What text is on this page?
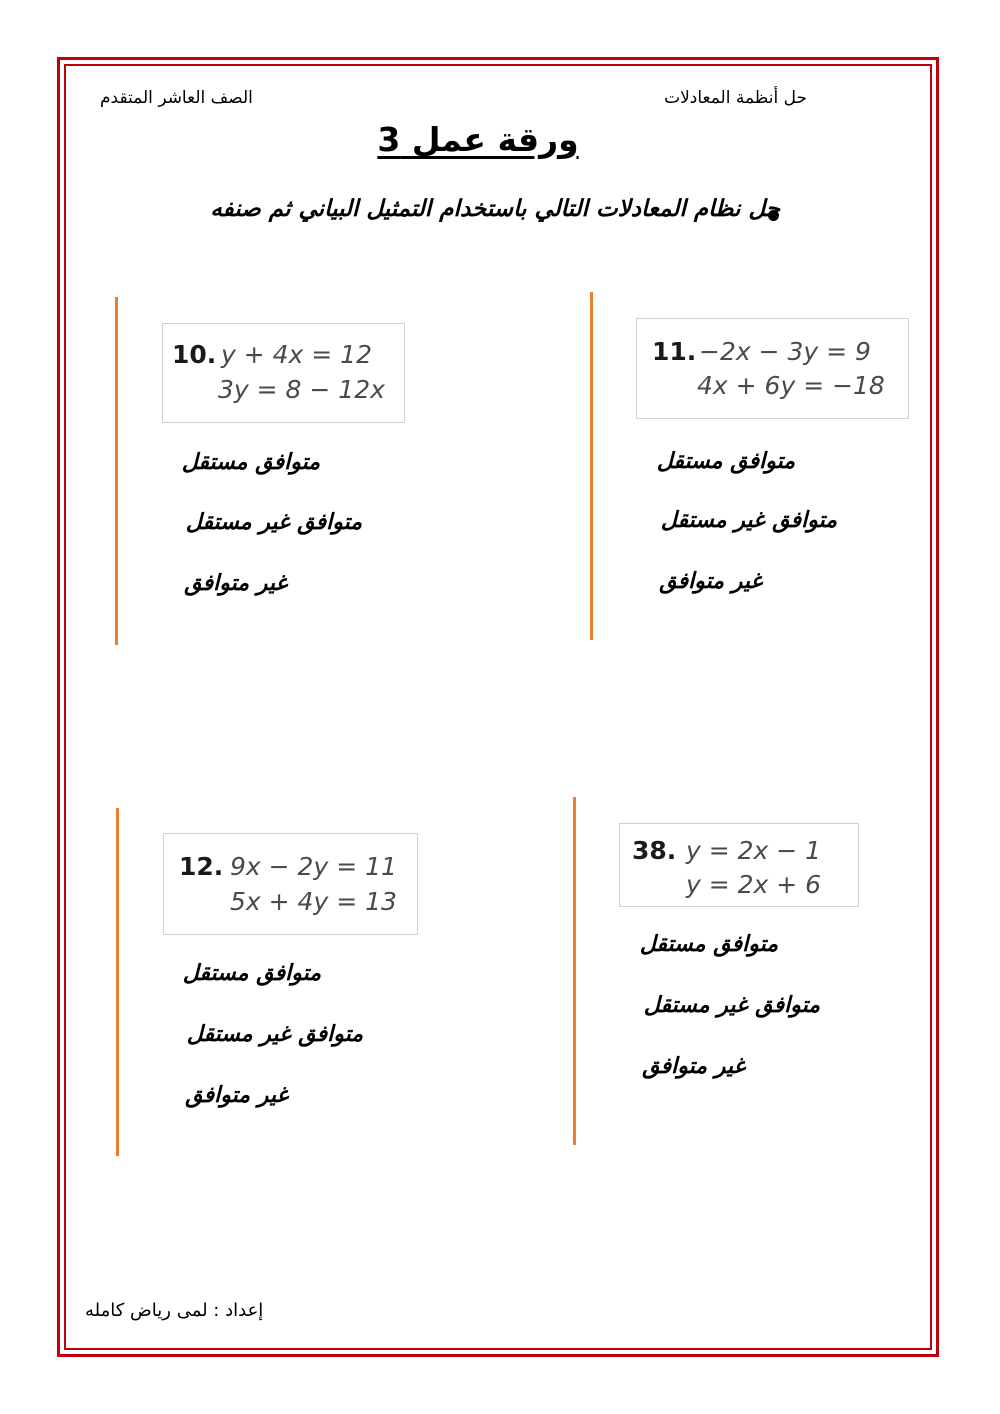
حل أنظمة المعادلات
الصف العاشر المتقدم
ورقة عمل 3
حل نظام المعادلات التالي باستخدام التمثيل البياني ثم صنفه
10. y + 4x = 12
3y = 8 − 12x
متوافق مستقل
متوافق غير مستقل
غير متوافق
11. −2x − 3y = 9
4x + 6y = −18
متوافق مستقل
متوافق غير مستقل
غير متوافق
12. 9x − 2y = 11
5x + 4y = 13
متوافق مستقل
متوافق غير مستقل
غير متوافق
38. y = 2x − 1
y = 2x + 6
متوافق مستقل
متوافق غير مستقل
غير متوافق
إعداد : لمى رياض كامله
